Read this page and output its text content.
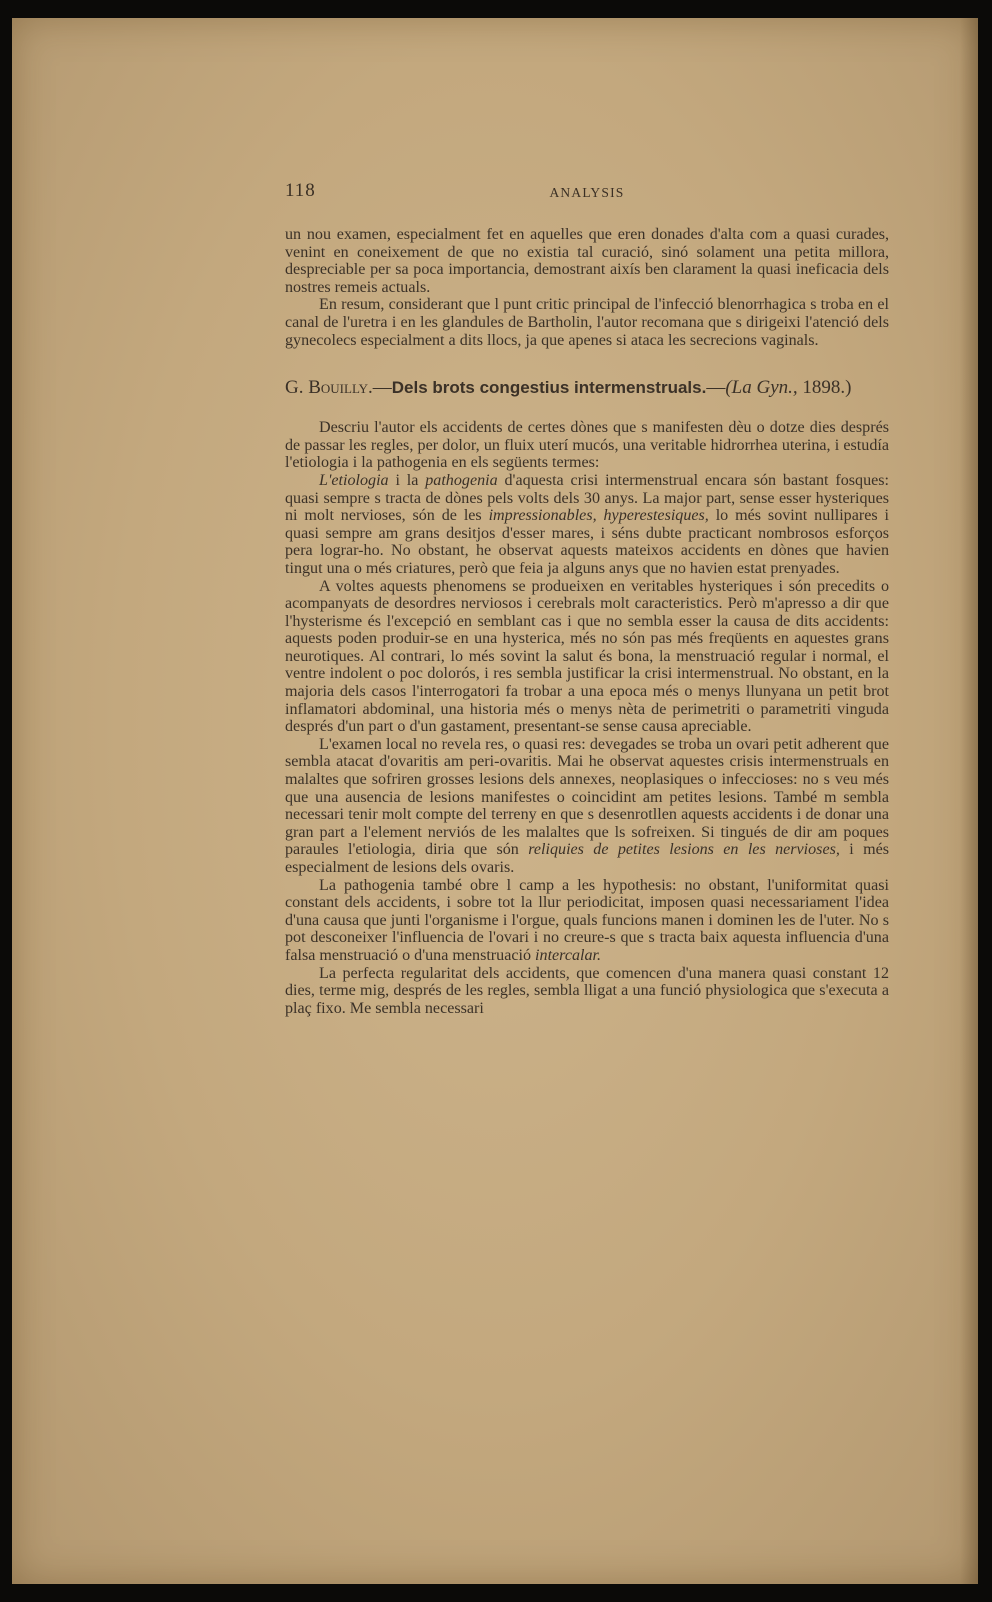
118	ANALYSIS

un nou examen, especialment fet en aquelles que eren donades d'alta com a quasi curades, venint en coneixement de que no existia tal curació, sinó solament una petita millora, despreciable per sa poca importancia, demostrant aixís ben clarament la quasi ineficacia dels nostres remeis actuals.

En resum, considerant que l punt critic principal de l'infecció blenorrhagica s troba en el canal de l'uretra i en les glandules de Bartholin, l'autor recomana que s dirigeixi l'atenció dels gynecolecs especialment a dits llocs, ja que apenes si ataca les secrecions vaginals.

G. Bouilly.—Dels brots congestius intermenstruals.—(La Gyn., 1898.)

Descriu l'autor els accidents de certes dònes que s manifesten dèu o dotze dies després de passar les regles, per dolor, un fluix uterí mucós, una veritable hidrorrhea uterina, i estudía l'etiologia i la pathogenia en els següents termes:

L'etiologia i la pathogenia d'aquesta crisi intermenstrual encara són bastant fosques: quasi sempre s tracta de dònes pels volts dels 30 anys. La major part, sense esser hysteriques ni molt nervioses, són de les impressionables, hyperestesiques, lo més sovint nullipares i quasi sempre am grans desitjos d'esser mares, i séns dubte practicant nombrosos esforços pera lograr-ho. No obstant, he observat aquests mateixos accidents en dònes que havien tingut una o més criatures, però que feia ja alguns anys que no havien estat prenyades.

A voltes aquests phenomens se produeixen en veritables hysteriques i són precedits o acompanyats de desordres nerviosos i cerebrals molt caracteristics. Però m'apresso a dir que l'hysterisme és l'excepció en semblant cas i que no sembla esser la causa de dits accidents: aquests poden produir-se en una hysterica, més no són pas més freqüents en aquestes grans neurotiques. Al contrari, lo més sovint la salut és bona, la menstruació regular i normal, el ventre indolent o poc dolorós, i res sembla justificar la crisi intermenstrual. No obstant, en la majoria dels casos l'interrogatori fa trobar a una epoca més o menys llunyana un petit brot inflamatori abdominal, una historia més o menys nèta de perimetriti o parametriti vinguda després d'un part o d'un gastament, presentant-se sense causa apreciable.

L'examen local no revela res, o quasi res: devegades se troba un ovari petit adherent que sembla atacat d'ovaritis am peri-ovaritis. Mai he observat aquestes crisis intermenstruals en malaltes que sofriren grosses lesions dels annexes, neoplasiques o infeccioses: no s veu més que una ausencia de lesions manifestes o coincidint am petites lesions. També m sembla necessari tenir molt compte del terreny en que s desenrotllen aquests accidents i de donar una gran part a l'element nerviós de les malaltes que ls sofreixen. Si tingués de dir am poques paraules l'etiologia, diria que són reliquies de petites lesions en les nervioses, i més especialment de lesions dels ovaris.

La pathogenia també obre l camp a les hypothesis: no obstant, l'uniformitat quasi constant dels accidents, i sobre tot la llur periodicitat, imposen quasi necessariament l'idea d'una causa que junti l'organisme i l'orgue, quals funcions manen i dominen les de l'uter. No s pot desconeixer l'influencia de l'ovari i no creure-s que s tracta baix aquesta influencia d'una falsa menstruació o d'una menstruació intercalar.

La perfecta regularitat dels accidents, que comencen d'una manera quasi constant 12 dies, terme mig, després de les regles, sembla lligat a una funció physiologica que s'executa a plaç fixo. Me sembla necessari
